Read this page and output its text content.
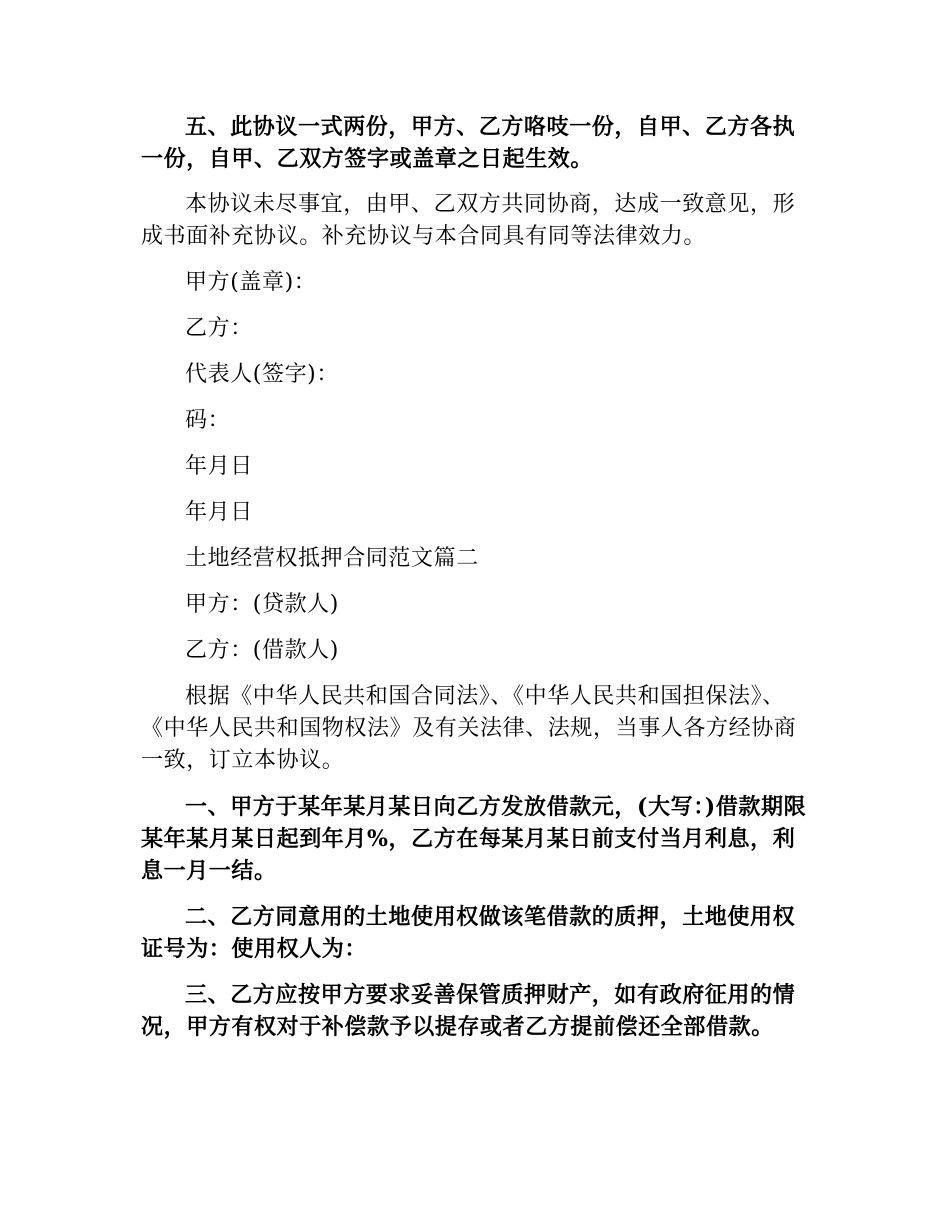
五、此协议一式两份，甲方、乙方咯吱一份，自甲、乙方各执一份，自甲、乙双方签字或盖章之日起生效。

本协议未尽事宜，由甲、乙双方共同协商，达成一致意见，形成书面补充协议。补充协议与本合同具有同等法律效力。

甲方(盖章)：

乙方：

代表人(签字)：

码：

年月日

年月日

土地经营权抵押合同范文篇二

甲方：(贷款人)

乙方：(借款人)

根据《中华人民共和国合同法》、《中华人民共和国担保法》、《中华人民共和国物权法》及有关法律、法规，当事人各方经协商一致，订立本协议。

一、甲方于某年某月某日向乙方发放借款元，(大写：)借款期限某年某月某日起到年月%，乙方在每某月某日前支付当月利息，利息一月一结。

二、乙方同意用的土地使用权做该笔借款的质押，土地使用权证号为：使用权人为：

三、乙方应按甲方要求妥善保管质押财产，如有政府征用的情况，甲方有权对于补偿款予以提存或者乙方提前偿还全部借款。
